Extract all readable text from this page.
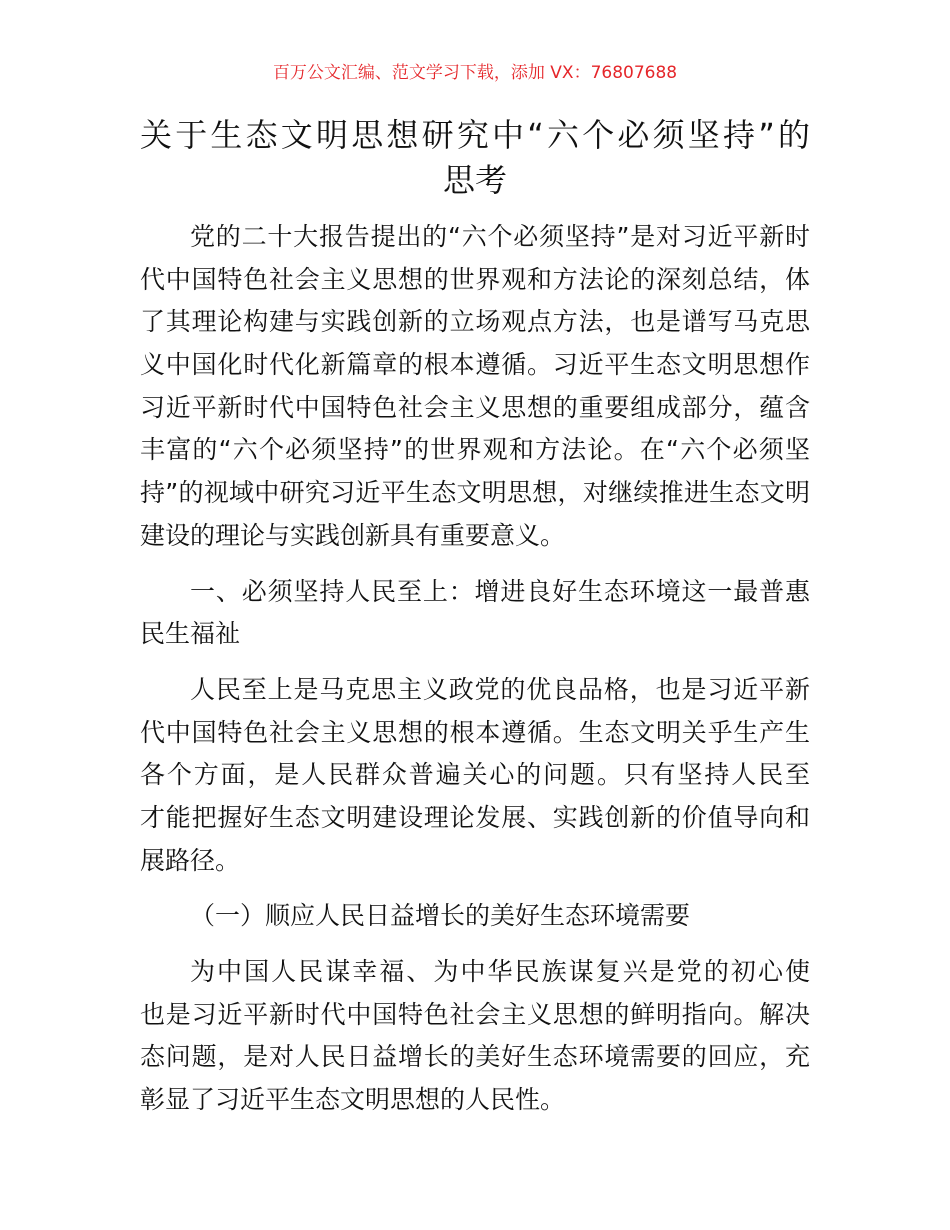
百万公文汇编、范文学习下载，添加 VX：76807688
关于生态文明思想研究中“六个必须坚持”的
思考
党的二十大报告提出的“六个必须坚持”是对习近平新时
代中国特色社会主义思想的世界观和方法论的深刻总结，体
了其理论构建与实践创新的立场观点方法，也是谱写马克思
义中国化时代化新篇章的根本遵循。习近平生态文明思想作
习近平新时代中国特色社会主义思想的重要组成部分，蕴含
丰富的“六个必须坚持”的世界观和方法论。在“六个必须坚
持”的视域中研究习近平生态文明思想，对继续推进生态文明
建设的理论与实践创新具有重要意义。
一、必须坚持人民至上：增进良好生态环境这一最普惠
民生福祉
人民至上是马克思主义政党的优良品格，也是习近平新
代中国特色社会主义思想的根本遵循。生态文明关乎生产生
各个方面，是人民群众普遍关心的问题。只有坚持人民至
才能把握好生态文明建设理论发展、实践创新的价值导向和
展路径。
（一）顺应人民日益增长的美好生态环境需要
为中国人民谋幸福、为中华民族谋复兴是党的初心使
也是习近平新时代中国特色社会主义思想的鲜明指向。解决
态问题，是对人民日益增长的美好生态环境需要的回应，充
彰显了习近平生态文明思想的人民性。
